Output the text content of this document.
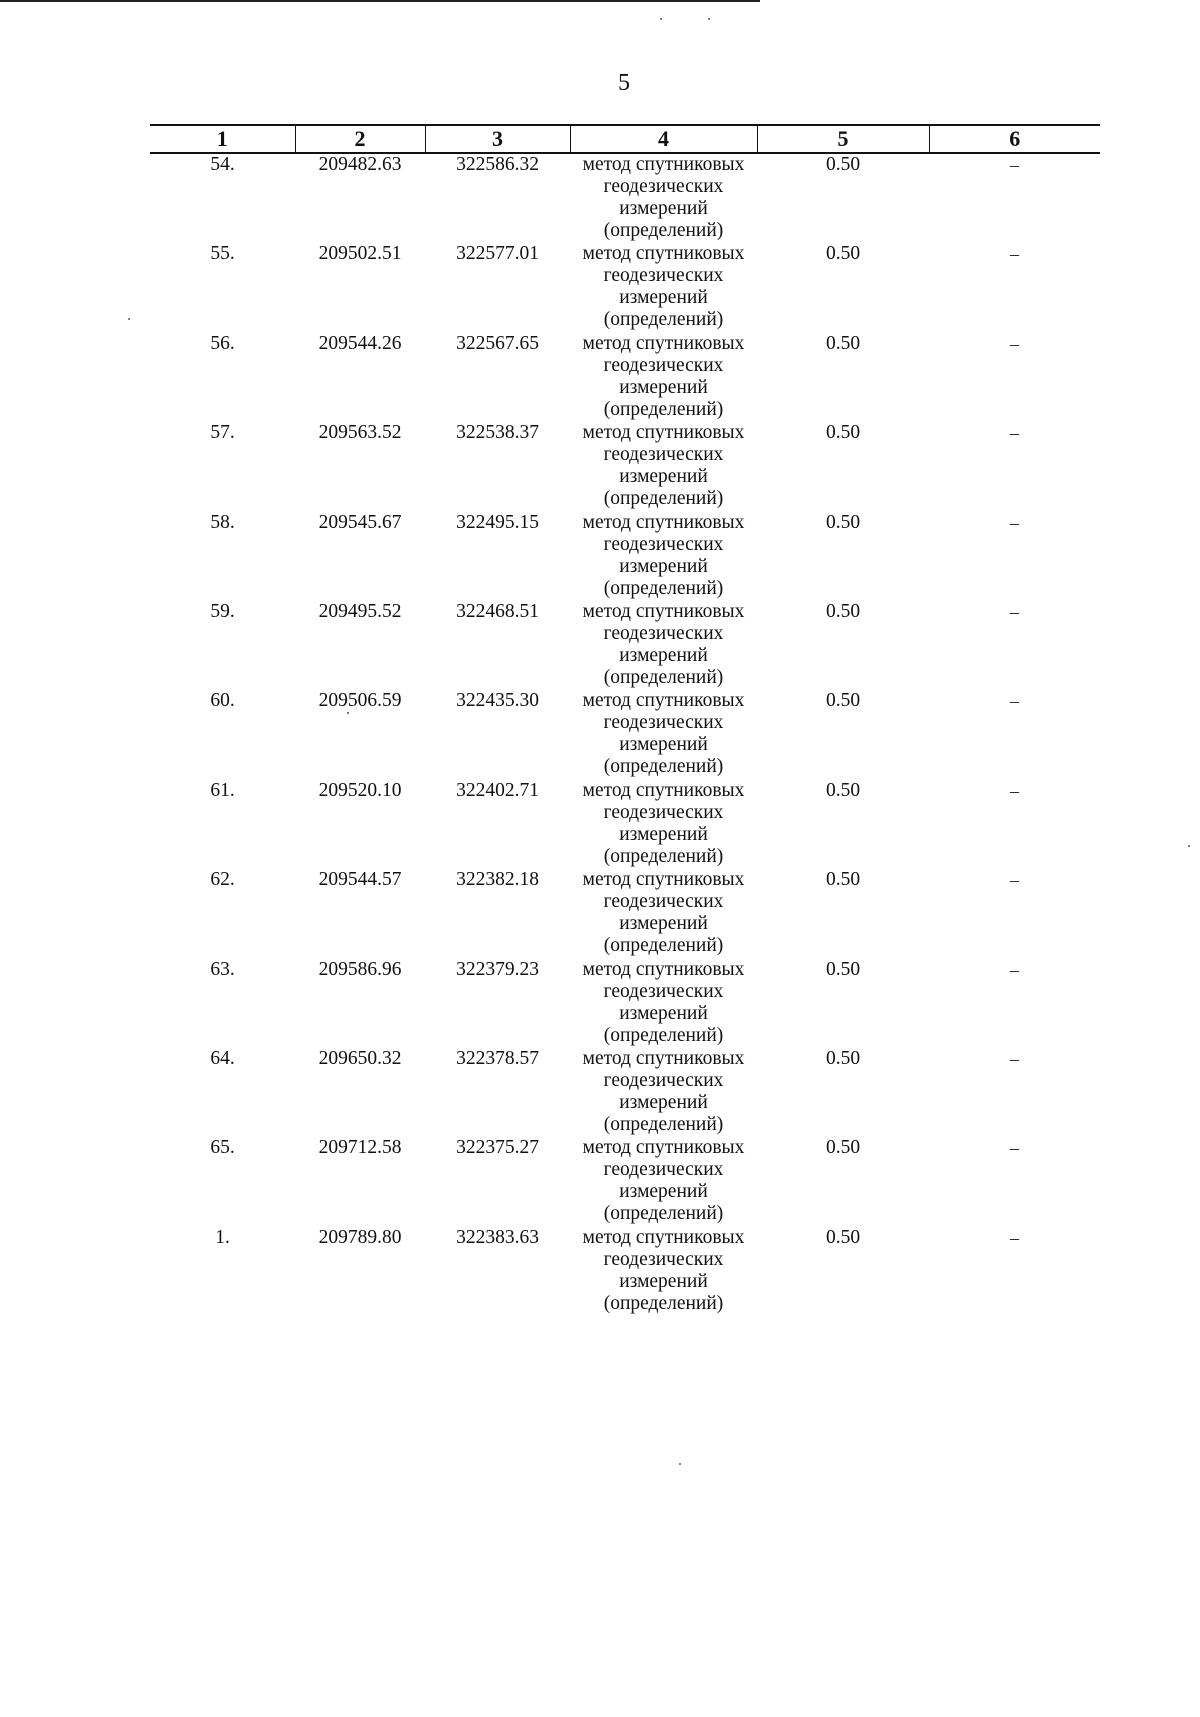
5
1	2	3	4	5	6
54.	209482.63	322586.32	метод спутниковых
геодезических
измерений
(определений)	0.50	–
55.	209502.51	322577.01	метод спутниковых
геодезических
измерений
(определений)	0.50	–
56.	209544.26	322567.65	метод спутниковых
геодезических
измерений
(определений)	0.50	–
57.	209563.52	322538.37	метод спутниковых
геодезических
измерений
(определений)	0.50	–
58.	209545.67	322495.15	метод спутниковых
геодезических
измерений
(определений)	0.50	–
59.	209495.52	322468.51	метод спутниковых
геодезических
измерений
(определений)	0.50	–
60.	209506.59	322435.30	метод спутниковых
геодезических
измерений
(определений)	0.50	–
61.	209520.10	322402.71	метод спутниковых
геодезических
измерений
(определений)	0.50	–
62.	209544.57	322382.18	метод спутниковых
геодезических
измерений
(определений)	0.50	–
63.	209586.96	322379.23	метод спутниковых
геодезических
измерений
(определений)	0.50	–
64.	209650.32	322378.57	метод спутниковых
геодезических
измерений
(определений)	0.50	–
65.	209712.58	322375.27	метод спутниковых
геодезических
измерений
(определений)	0.50	–
1.	209789.80	322383.63	метод спутниковых
геодезических
измерений
(определений)	0.50	–
